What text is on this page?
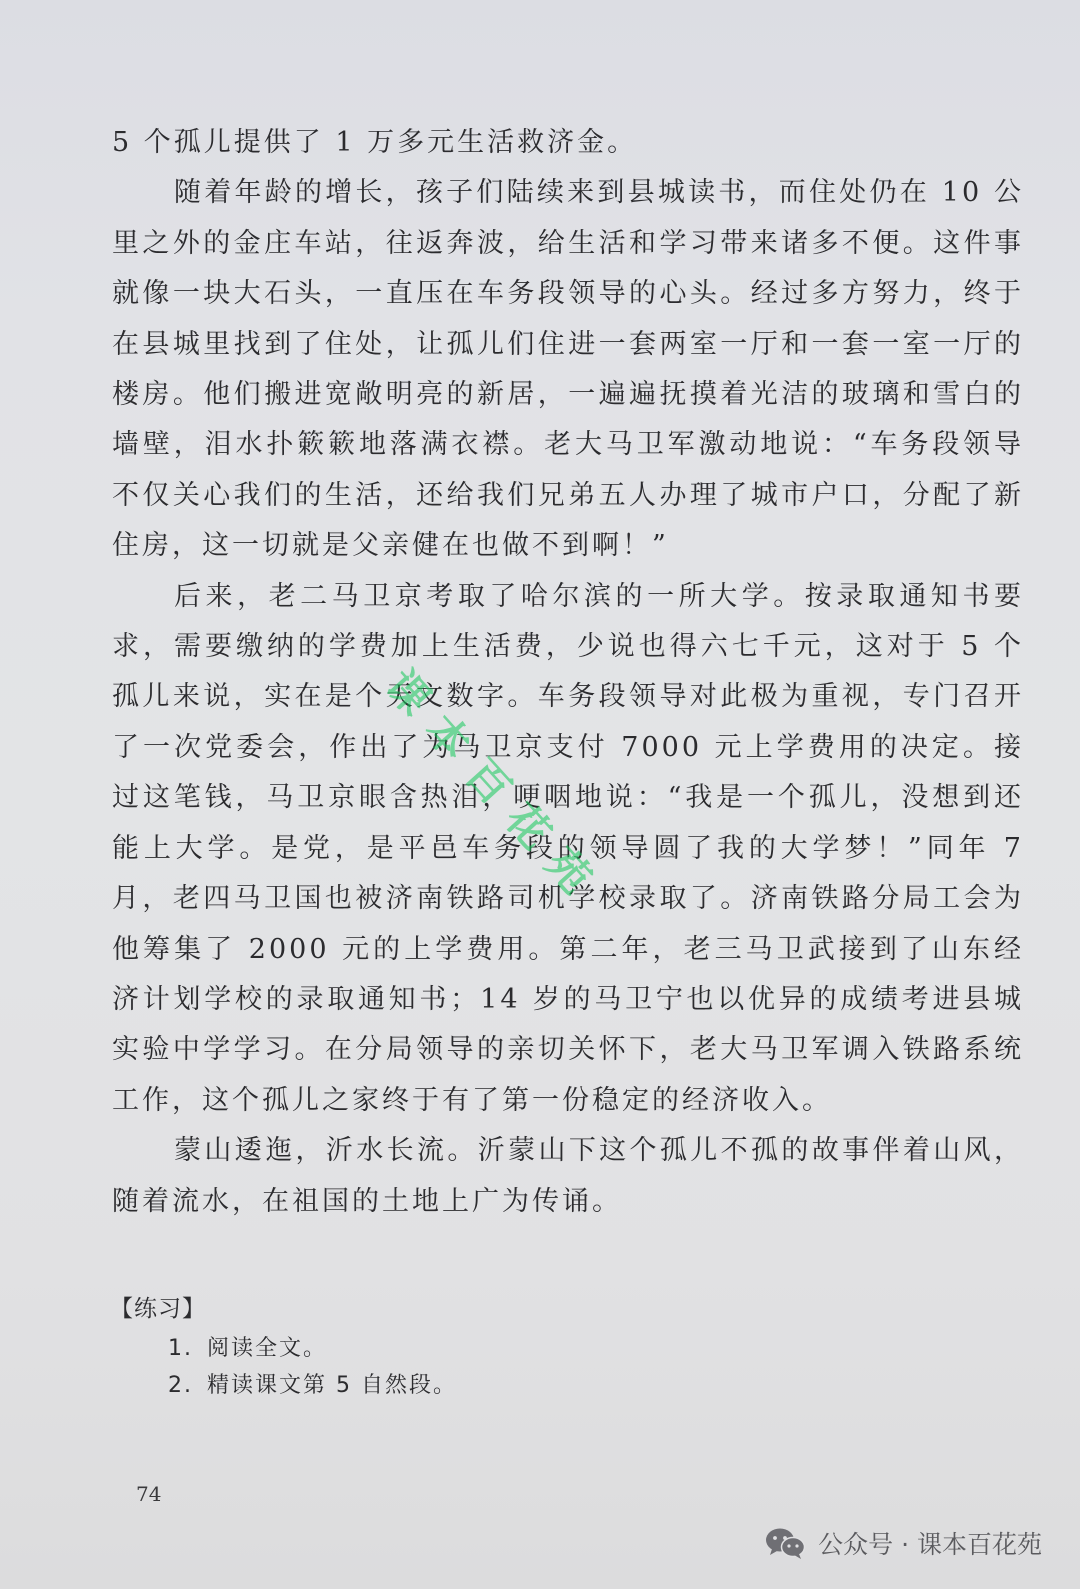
5 个孤儿提供了 1 万多元生活救济金。

随着年龄的增长，孩子们陆续来到县城读书，而住处仍在 10 公里之外的金庄车站，往返奔波，给生活和学习带来诸多不便。这件事就像一块大石头，一直压在车务段领导的心头。经过多方努力，终于在县城里找到了住处，让孤儿们住进一套两室一厅和一套一室一厅的楼房。他们搬进宽敞明亮的新居，一遍遍抚摸着光洁的玻璃和雪白的墙壁，泪水扑簌簌地落满衣襟。老大马卫军激动地说：“车务段领导不仅关心我们的生活，还给我们兄弟五人办理了城市户口，分配了新住房，这一切就是父亲健在也做不到啊！”

后来，老二马卫京考取了哈尔滨的一所大学。按录取通知书要求，需要缴纳的学费加上生活费，少说也得六七千元，这对于 5 个孤儿来说，实在是个天文数字。车务段领导对此极为重视，专门召开了一次党委会，作出了为马卫京支付 7000 元上学费用的决定。接过这笔钱，马卫京眼含热泪，哽咽地说：“我是一个孤儿，没想到还能上大学。是党，是平邑车务段的领导圆了我的大学梦！”同年 7 月，老四马卫国也被济南铁路司机学校录取了。济南铁路分局工会为他筹集了 2000 元的上学费用。第二年，老三马卫武接到了山东经济计划学校的录取通知书；14 岁的马卫宁也以优异的成绩考进县城实验中学学习。在分局领导的亲切关怀下，老大马卫军调入铁路系统工作，这个孤儿之家终于有了第一份稳定的经济收入。

蒙山逶迤，沂水长流。沂蒙山下这个孤儿不孤的故事伴着山风，随着流水，在祖国的土地上广为传诵。

课本百花苑

【练习】

1. 阅读全文。

2. 精读课文第 5 自然段。

74
公众号 · 课本百花苑
